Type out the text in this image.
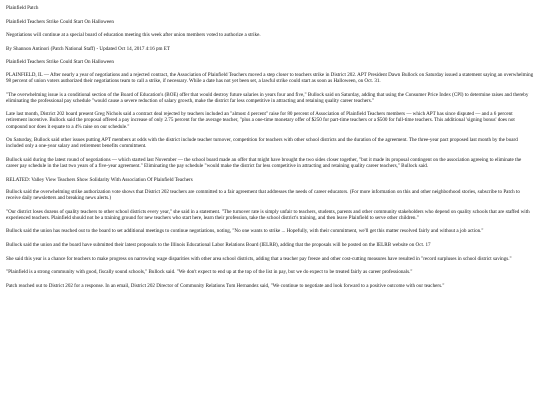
Plainfield Patch
Plainfield Teachers Strike Could Start On Halloween
Negotiations will continue at a special board of education meeting this week after union members voted to authorize a strike.
By Shannon Antinori (Patch National Staff) - Updated Oct 14, 2017 4:16 pm ET
Plainfield Teachers Strike Could Start On Halloween
PLAINFIELD, IL — After nearly a year of negotiations and a rejected contract, the Association of Plainfield Teachers moved a step closer to teachers strike in District 202. APT President Dawn Bullock on Saturday issued a statement saying an overwhelming 98 percent of union voters authorized their negotiations team to call a strike, if necessary. While a date has not yet been set, a lawful strike could start as soon as Halloween, on Oct. 31.
"The overwhelming issue is a conditional section of the Board of Education's (BOE) offer that would destroy future salaries in years four and five," Bullock said on Saturday, adding that using the Consumer Price Index (CPI) to determine raises and thereby eliminating the professional pay schedule "would cause a severe reduction of salary growth, make the district far less competitive in attracting and retaining quality career teachers."
Late last month, District 202 board present Greg Nichols said a contract deal rejected by teachers included an "almost 4 percent" raise for 80 percent of Association of Plainfield Teachers members — which APT has since disputed — and a 6 percent retirement incentive. Bullock said the proposal offered a pay increase of only 2.75 percent for the average teacher, "plus a one-time monetary offer of $250 for part-time teachers or a $500 for full-time teachers. This additional 'signing bonus' does not compound nor does it equate to a 4% raise on our schedule."
On Saturday, Bullock said other issues putting APT members at odds with the district include teacher turnover, competition for teachers with other school districts and the duration of the agreement. The three-year pact proposed last month by the board included only a one-year salary and retirement benefits commitment.
Bullock said during the latest round of negotiations — which started last November — the school board made an offer that might have brought the two sides closer together, "but it made its proposal contingent on the association agreeing to eliminate the career pay schedule in the last two years of a five-year agreement." Eliminating the pay schedule "would make the district far less competitive in attracting and retaining quality career teachers," Bullock said.
RELATED: Valley View Teachers Show Solidarity With Association Of Plainfield Teachers
Bullock said the overwhelming strike authorization vote shows that District 202 teachers are committed to a fair agreement that addresses the needs of career educators. (For more information on this and other neighborhood stories, subscribe to Patch to receive daily newsletters and breaking news alerts.)
"Our district loses dozens of quality teachers to other school districts every year," she said in a statement. "The turnover rate is simply unfair to teachers, students, parents and other community stakeholders who depend on quality schools that are staffed with experienced teachers. Plainfield should not be a training ground for new teachers who start here, learn their profession, take the school district's training, and then leave Plainfield to serve other children."
Bullock said the union has reached out to the board to set additional meetings to continue negotiations, noting, "No one wants to strike ... Hopefully, with their commitment, we'll get this matter resolved fairly and without a job action."
Bullock said the union and the board have submitted their latest proposals to the Illinois Educational Labor Relations Board (IELRB), adding that the proposals will be posted on the IELRB website on Oct. 17
She said this year is a chance for teachers to make progress on narrowing wage disparities with other area school districts, adding that a teacher pay freeze and other cost-cutting measures have resulted in "record surpluses in school district savings."
"Plainfield is a strong community with good, fiscally sound schools," Bullock said. "We don't expect to end up at the top of the list in pay, but we do expect to be treated fairly as career professionals."
Patch reached out to District 202 for a response. In an email, District 202 Director of Community Relations Tom Hernandez said, "We continue to negotiate and look forward to a positive outcome with our teachers."
